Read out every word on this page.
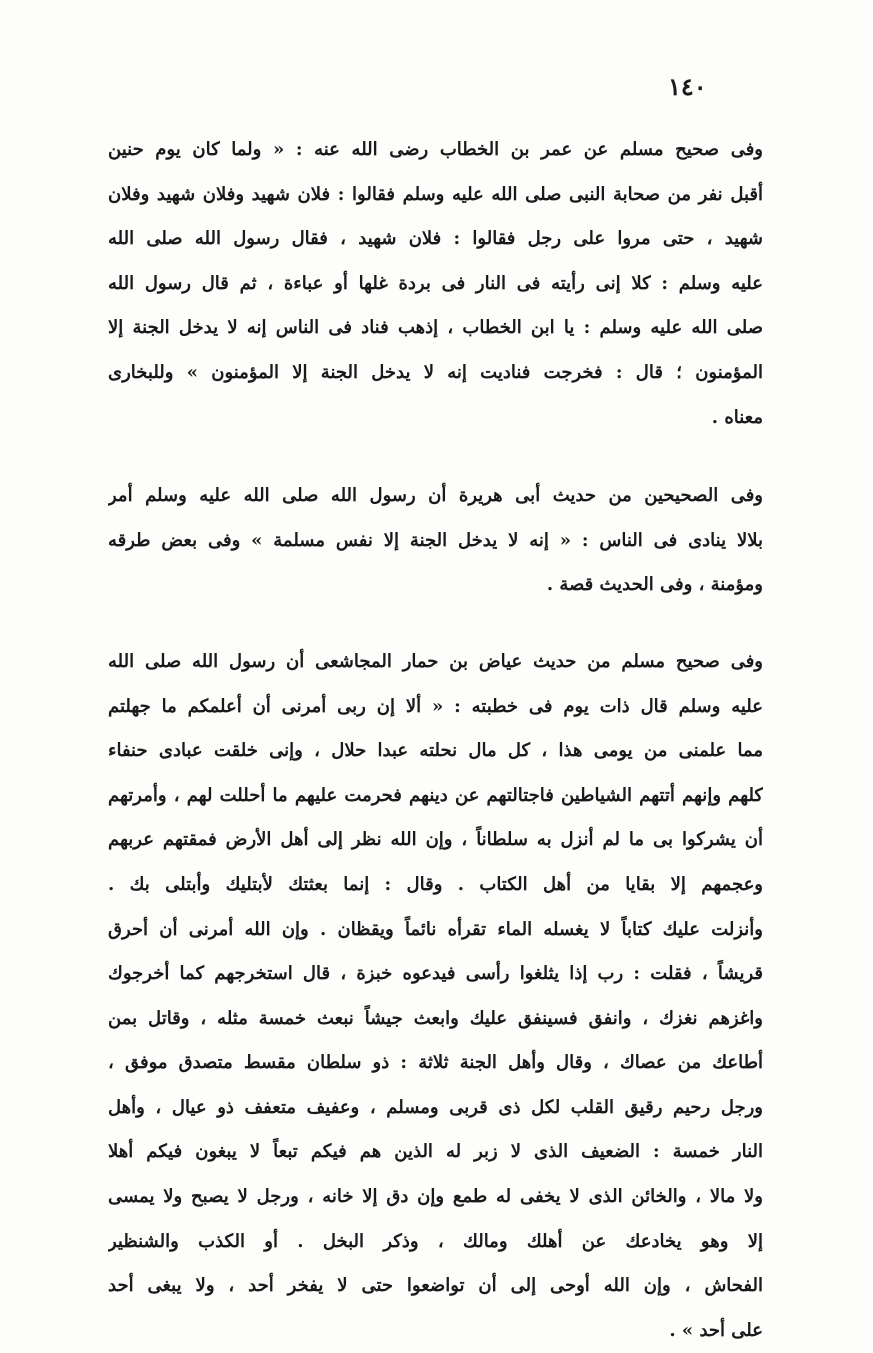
١٤٠
وفى صحيح مسلم عن عمر بن الخطاب رضى الله عنه : « ولما كان يوم حنين
أقبل نفر من صحابة النبى صلى الله عليه وسلم فقالوا : فلان شهيد وفلان شهيد وفلان
شهيد ، حتى مروا على رجل فقالوا : فلان شهيد ، فقال رسول الله صلى الله
عليه وسلم : كلا إنى رأيته فى النار فى بردة غلها أو عباءة ، ثم قال رسول الله
صلى الله عليه وسلم : يا ابن الخطاب ، إذهب فناد فى الناس إنه لا يدخل الجنة إلا
المؤمنون ؛ قال : فخرجت فناديت إنه لا يدخل الجنة إلا المؤمنون » وللبخارى
معناه .
وفى الصحيحين من حديث أبى هريرة أن رسول الله صلى الله عليه وسلم أمر
بلالا ينادى فى الناس : « إنه لا يدخل الجنة إلا نفس مسلمة » وفى بعض طرقه
ومؤمنة ، وفى الحديث قصة .
وفى صحيح مسلم من حديث عياض بن حمار المجاشعى أن رسول الله صلى الله
عليه وسلم قال ذات يوم فى خطبته : « ألا إن ربى أمرنى أن أعلمكم ما جهلتم
مما علمنى من يومى هذا ، كل مال نحلته عبدا حلال ، وإنى خلقت عبادى حنفاء
كلهم وإنهم أتتهم الشياطين فاجتالتهم عن دينهم فحرمت عليهم ما أحللت لهم ، وأمرتهم
أن يشركوا بى ما لم أنزل به سلطاناً ، وإن الله نظر إلى أهل الأرض فمقتهم عربهم
وعجمهم إلا بقايا من أهل الكتاب . وقال : إنما بعثتك لأبتليك وأبتلى بك .
وأنزلت عليك كتاباً لا يغسله الماء تقرأه نائماً ويقظان . وإن الله أمرنى أن أحرق
قريشاً ، فقلت : رب إذا يثلغوا رأسى فيدعوه خبزة ، قال استخرجهم كما أخرجوك
واغزهم نغزك ، وانفق فسينفق عليك وابعث جيشاً نبعث خمسة مثله ، وقاتل بمن
أطاعك من عصاك ، وقال وأهل الجنة ثلاثة : ذو سلطان مقسط متصدق موفق ،
ورجل رحيم رقيق القلب لكل ذى قربى ومسلم ، وعفيف متعفف ذو عيال ، وأهل
النار خمسة : الضعيف الذى لا زبر له الذين هم فيكم تبعاً لا يبغون فيكم أهلا
ولا مالا ، والخائن الذى لا يخفى له طمع وإن دق إلا خانه ، ورجل لا يصبح ولا يمسى
إلا وهو يخادعك عن أهلك ومالك ، وذكر البخل . أو الكذب والشنظير
الفحاش ، وإن الله أوحى إلى أن تواضعوا حتى لا يفخر أحد ، ولا يبغى أحد
على أحد » .
